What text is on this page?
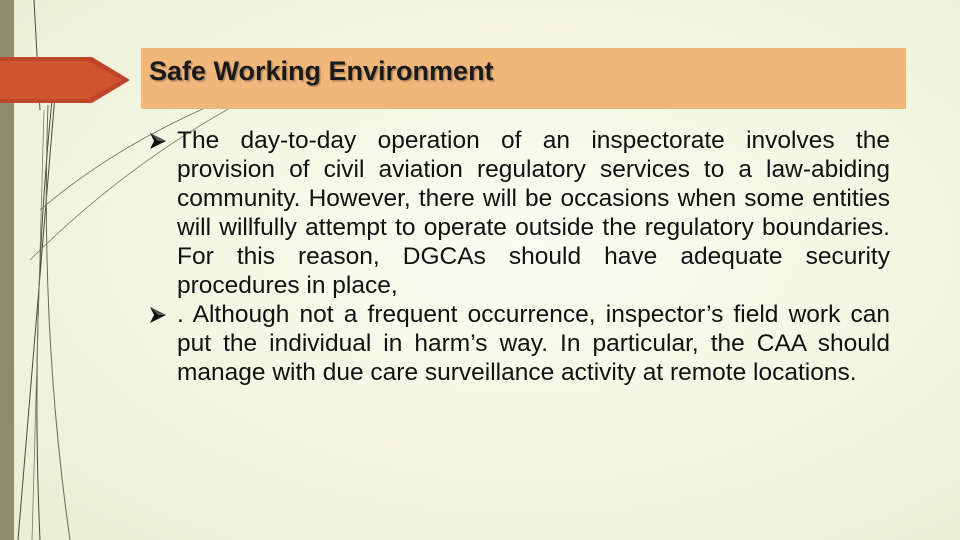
Safe Working Environment
The day-to-day operation of an inspectorate involves the provision of civil aviation regulatory services to a law-abiding community. However, there will be occasions when some entities will willfully attempt to operate outside the regulatory boundaries. For this reason, DGCAs should have adequate security procedures in place,
. Although not a frequent occurrence, inspector’s field work can put the individual in harm’s way. In particular, the CAA should manage with due care surveillance activity at remote locations.
